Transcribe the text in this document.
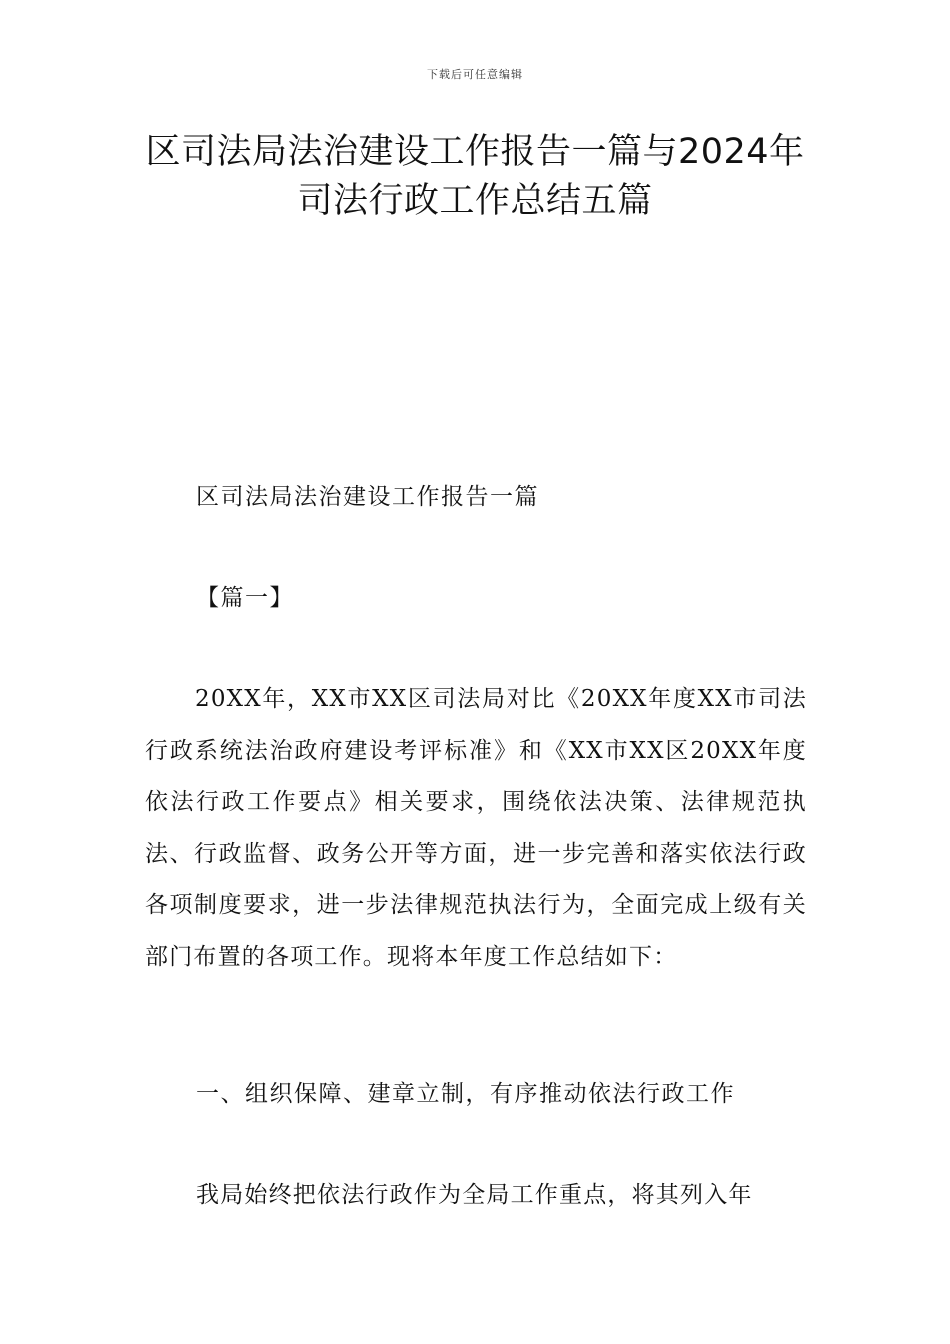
下载后可任意编辑
区司法局法治建设工作报告一篇与2024年
司法行政工作总结五篇
区司法局法治建设工作报告一篇
【篇一】

20XX年，XX市XX区司法局对比《20XX年度XX市司法行政系统法治政府建设考评标准》和《XX市XX区20XX年度依法行政工作要点》相关要求，围绕依法决策、法律规范执法、行政监督、政务公开等方面，进一步完善和落实依法行政各项制度要求，进一步法律规范执法行为，全面完成上级有关部门布置的各项工作。现将本年度工作总结如下：

一、组织保障、建章立制，有序推动依法行政工作
我局始终把依法行政作为全局工作重点，将其列入年
